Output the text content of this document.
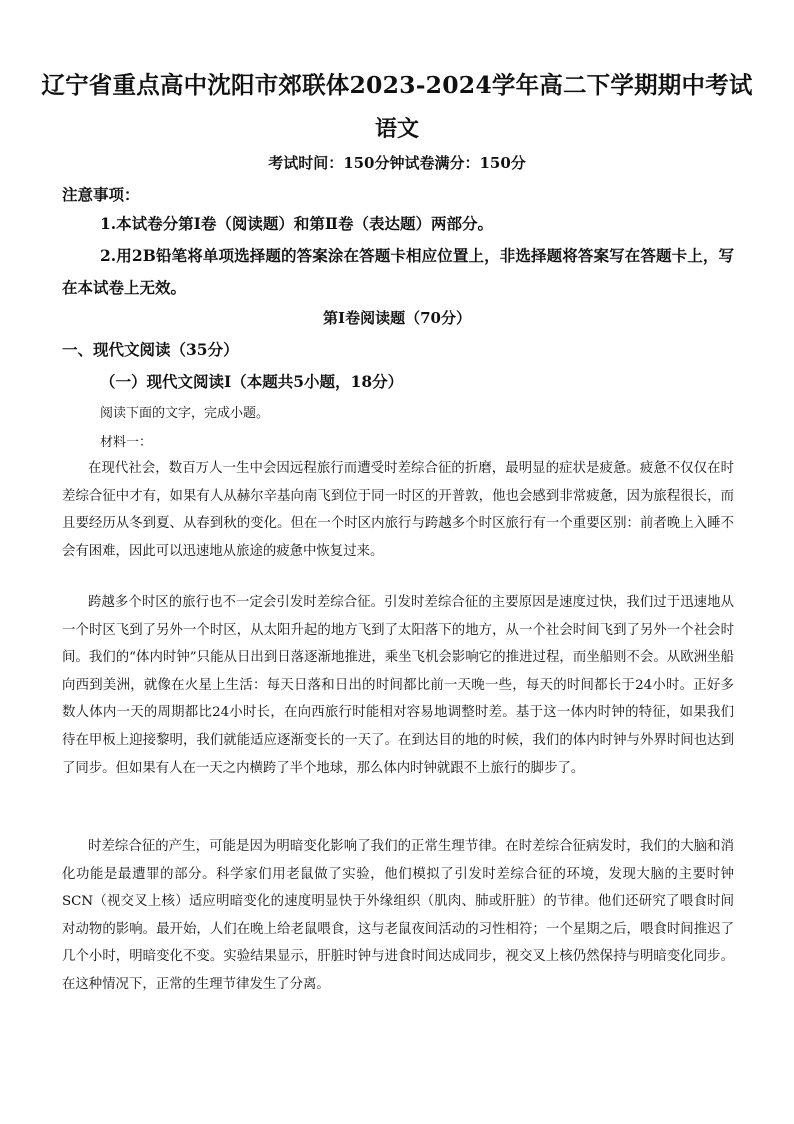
辽宁省重点高中沈阳市郊联体2023-2024学年高二下学期期中考试
语文
考试时间：150分钟试卷满分：150分
注意事项：
1.本试卷分第Ⅰ卷（阅读题）和第Ⅱ卷（表达题）两部分。
2.用2B铅笔将单项选择题的答案涂在答题卡相应位置上，非选择题将答案写在答题卡上，写在本试卷上无效。
第Ⅰ卷阅读题（70分）
一、现代文阅读（35分）
（一）现代文阅读Ⅰ（本题共5小题，18分）
阅读下面的文字，完成小题。
材料一：
在现代社会，数百万人一生中会因远程旅行而遭受时差综合征的折磨，最明显的症状是疲惫。疲惫不仅仅在时差综合征中才有，如果有人从赫尔辛基向南飞到位于同一时区的开普敦，他也会感到非常疲惫，因为旅程很长，而且要经历从冬到夏、从春到秋的变化。但在一个时区内旅行与跨越多个时区旅行有一个重要区别：前者晚上入睡不会有困难，因此可以迅速地从旅途的疲惫中恢复过来。
跨越多个时区的旅行也不一定会引发时差综合征。引发时差综合征的主要原因是速度过快，我们过于迅速地从一个时区飞到了另外一个时区，从太阳升起的地方飞到了太阳落下的地方，从一个社会时间飞到了另外一个社会时间。我们的“体内时钟”只能从日出到日落逐渐地推进，乘坐飞机会影响它的推进过程，而坐船则不会。从欧洲坐船向西到美洲，就像在火星上生活：每天日落和日出的时间都比前一天晚一些，每天的时间都长于24小时。正好多数人体内一天的周期都比24小时长，在向西旅行时能相对容易地调整时差。基于这一体内时钟的特征，如果我们待在甲板上迎接黎明，我们就能适应逐渐变长的一天了。在到达目的地的时候，我们的体内时钟与外界时间也达到了同步。但如果有人在一天之内横跨了半个地球，那么体内时钟就跟不上旅行的脚步了。
时差综合征的产生，可能是因为明暗变化影响了我们的正常生理节律。在时差综合征病发时，我们的大脑和消化功能是最遭罪的部分。科学家们用老鼠做了实验，他们模拟了引发时差综合征的环境，发现大脑的主要时钟SCN（视交叉上核）适应明暗变化的速度明显快于外缘组织（肌肉、肺或肝脏）的节律。他们还研究了喂食时间对动物的影响。最开始，人们在晚上给老鼠喂食，这与老鼠夜间活动的习性相符；一个星期之后，喂食时间推迟了几个小时，明暗变化不变。实验结果显示，肝脏时钟与进食时间达成同步，视交叉上核仍然保持与明暗变化同步。在这种情况下，正常的生理节律发生了分离。
